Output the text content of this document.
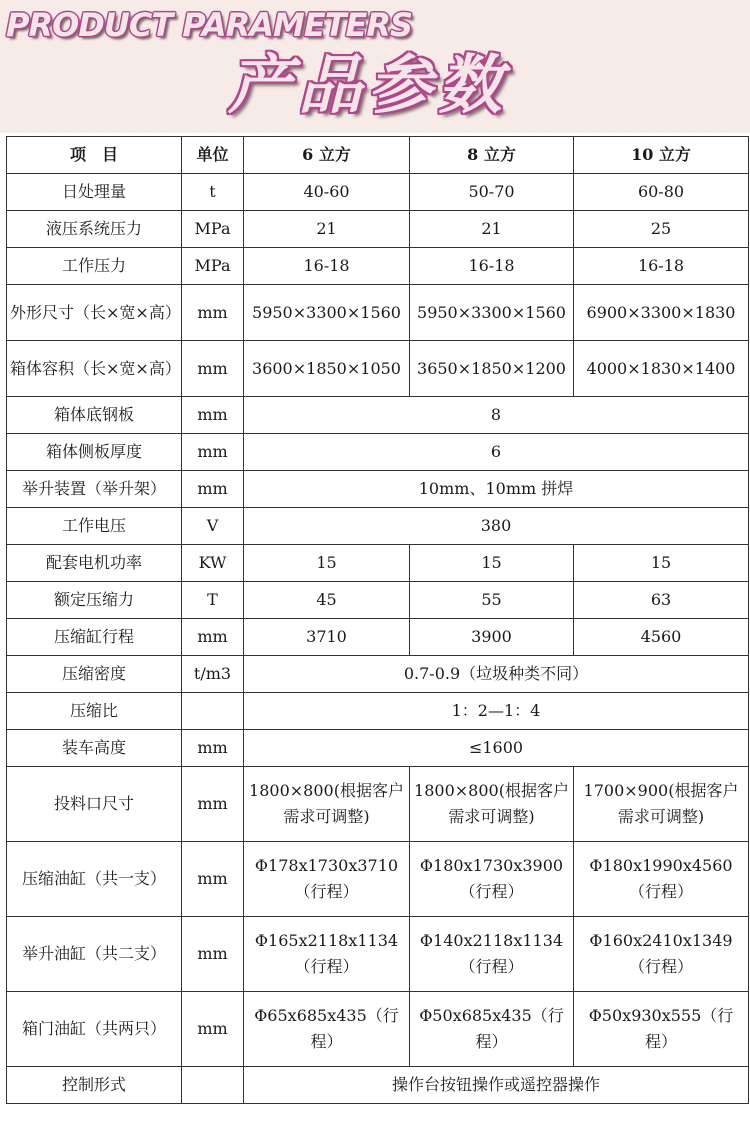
PRODUCT PARAMETERS
产品参数
项　目	单位	6 立方	8 立方	10 立方
日处理量	t	40-60	50-70	60-80
液压系统压力	MPa	21	21	25
工作压力	MPa	16-18	16-18	16-18
外形尺寸（长×宽×高）	mm	5950×3300×1560	5950×3300×1560	6900×3300×1830
箱体容积（长×宽×高）	mm	3600×1850×1050	3650×1850×1200	4000×1830×1400
箱体底钢板	mm	8		
箱体侧板厚度	mm	6		
举升装置（举升架）	mm	10mm、10mm 拼焊		
工作电压	V	380		
配套电机功率	KW	15	15	15
额定压缩力	T	45	55	63
压缩缸行程	mm	3710	3900	4560
压缩密度	t/m3	0.7-0.9（垃圾种类不同）		
压缩比		1：2—1：4		
装车高度	mm	≤1600		
投料口尺寸	mm	1800×800(根据客户需求可调整)	1800×800(根据客户需求可调整)	1700×900(根据客户需求可调整)
压缩油缸（共一支）	mm	Φ178x1730x3710（行程）	Φ180x1730x3900（行程）	Φ180x1990x4560（行程）
举升油缸（共二支）	mm	Φ165x2118x1134（行程）	Φ140x2118x1134（行程）	Φ160x2410x1349（行程）
箱门油缸（共两只）	mm	Φ65x685x435（行程）	Φ50x685x435（行程）	Φ50x930x555（行程）
控制形式		操作台按钮操作或遥控器操作		
